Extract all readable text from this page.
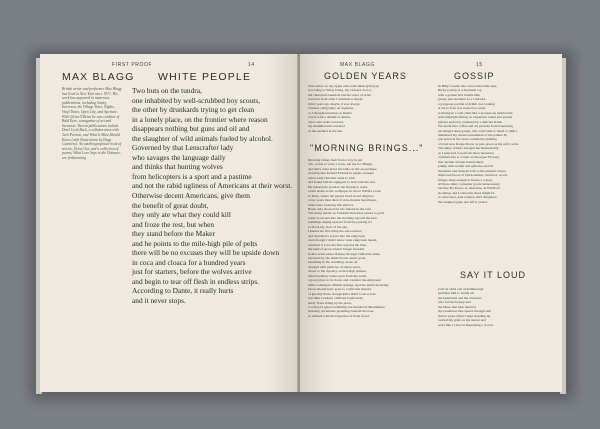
FIRST PROOF	14
MAX BLAGG WHITE PEOPLE
British writer and performer Max Blagg has lived in New York since 1971. His work has appeared in numerous publications, including Vanity, Interview, the Village Voice, Nights, Vinyl Times, Open City, and Aperture. With Glenn O'Brien he was coeditor of Bald Eyes, a magazine of art and literature. Recent publications include Don't Look Back, a collaboration with Jack Pierson, and What It Must Should Know (with illustrations by Hugo Guinness). An autobiographical book of stories, Ticket Out, and a collection of poems, What Love Says to the Distance, are forthcoming.
Two huts on the tundra,
one inhabited by well-scrubbed boy scouts,
the other by drunkards trying to get clean
in a lonely place, on the frontier where reason
disappears nothing but guns and oil and
the slaughter of wild animals fueled by alcohol.
Governed by that Lenscrafter lady
who savages the language daily
and thinks that hunting wolves
from helicopters is a sport and a pastime
and not the rabid ugliness of Americans at their worst.
Otherwise decent Americans, give them
the benefit of great doubt,
they only ate what they could kill
and froze the rest, but when
they stand before the Maker
and he points to the mile-high pile of pelts
there will be no excuses they will be upside down
in coca and cloaca for a hundred years
just for starters, before the wolves arrive
and begin to tear off flesh in endless strips.
According to Dante, it really hurts
and it never stops.
MAX BLAGG	15
GOLDEN YEARS
This rumor on my upper arm reads think giving up
according to Wing Tsang, my Chinese doctor,
the characters identical but the order of order
reversed from what I assumed it meant
thirty years ago maybe it was always
Chinese calligraphy on Japanese
or I thought kneeling on Rush's
couch with a dishful of shrink,
tattoo and order reversed,
my muddled arm revealed
as the needled in the ink.
GOSSIP
In Billy's studio she colors listen like taps,
Ricky posing as a monkish cap
with a golden fizz brushs him,
glossy and obedient as a Labrador,
a gorgeous portrait of Klimt tree looking
at all as if he was treated on earth,
reclining in a club chair like a prosperous intellectual
self-lamplight falling on expensive round and golden
glasses perfectly rendered by a delicate brush.
We drank fine coffee and ate pastries from Greenberg
exchanged deep gossip, who said what to bleed or didn't,
dismissed my absurd resentment of the painter B.,
just spiral in the street commonly pushing
a brand new Range Rover as pale green as his early work.
The shiny vehicle enraged me momentarily
as I prepared to perform more monetary
commercials at a bash on the upper Bowery
that ancient avenue transformed,
plump with wealth and galleries and art
museums and monster lofts with southern views,
improved floors of black-marker windows' wood,
fridges large enough to freeze a corpse,
all these shiny consumer goods unnecessary
but like B's Rover, so desirable, as Wildford
stockings and Louboutin shoes might be
to other men. And women. And daughters.
We laughed again and left it at that.
"MORNING BRINGS..."
Morning brings mail from a boy in jail
who wants to write a book, tell me too Blaggi,
and that's what gives me balls on my ass perhaps,
working like Ronald Firbank in purple trousers
when Lady Ottoline came to visit
and found him ill-equipped to deal with the real.
He burned the poem in the fireplace, some
violet shade as the wallpaper in Oscar Wilde's room
in Paris, where the genius lived in sad disgrace
a few years than died of slow-motion heartbreak,
bitter tears watering silk pillows.
Bosie only showed for the funeral in the rain.
The many tenant on Franklin Street has turned to gold
ready to ascend into the morning beyond the new
buildings edging upward from the parking lot
to block my view of the sky.
I kissed the first thing the sun touched
and launched a prayer into the empyrean
even though I didn't know what empyrean meant,
assumed it to be the blue beyond the blue,
the kind of space Chuck Yeager invaded
in his rocket plane blazing through California skies,
executed by the small brown desert gods,
breathing in the crackling ozone air
charged with particles of sheep space,
closer to the mystery on that high plateau,
where healing waters pour from the earth,
a good place to lie down and consider the empyrean
while soaking in lithium springs, Apache spirits hovering.
Oscar should have gone to California instead
of gloomy Paris, though Paris didn't look so bad
last time I looked, civilized boulevards,
study Trees riding by the place,
Cowboys's ghost scribbling one-handed in Montmartre
morning pavements gleaming beneath the base
so infused with the fragrance of fresh bread.
SAY IT LOUD
Call on Ovid call on Kimbrough
summon him to testify all
the musicians and the actresses
who fed the beauty and
the Muse that bare interred
my loneliness like spears through silk
mirror years when I slept standing up
carried my grief on my sleeve and
wept like a cartoon dispensing a crowd.
